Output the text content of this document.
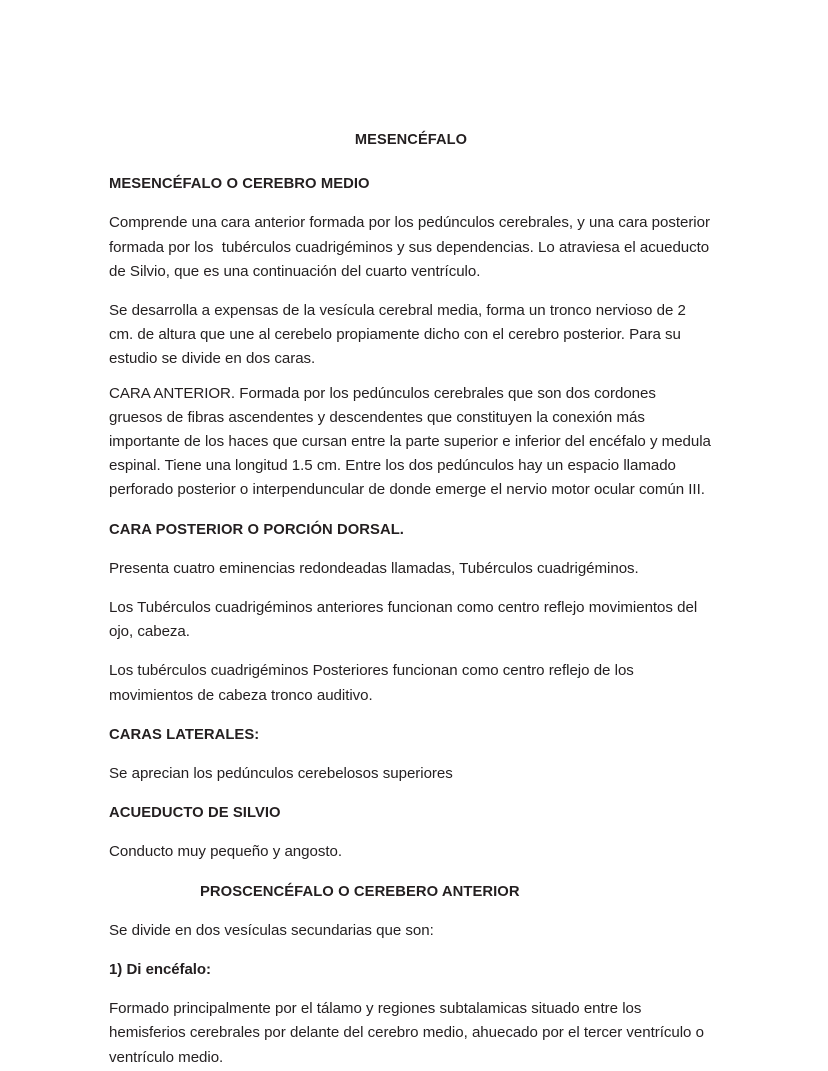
MESENCÉFALO

MESENCÉFALO O CEREBRO MEDIO

Comprende una cara anterior formada por los pedúnculos cerebrales, y una cara posterior formada por los  tubérculos cuadrigéminos y sus dependencias. Lo atraviesa el acueducto de Silvio, que es una continuación del cuarto ventrículo.

Se desarrolla a expensas de la vesícula cerebral media, forma un tronco nervioso de 2 cm. de altura que une al cerebelo propiamente dicho con el cerebro posterior. Para su estudio se divide en dos caras.

CARA ANTERIOR. Formada por los pedúnculos cerebrales que son dos cordones gruesos de fibras ascendentes y descendentes que constituyen la conexión más importante de los haces que cursan entre la parte superior e inferior del encéfalo y medula espinal. Tiene una longitud 1.5 cm. Entre los dos pedúnculos hay un espacio llamado perforado posterior o interpenduncular de donde emerge el nervio motor ocular común III.

CARA POSTERIOR O PORCIÓN DORSAL.

Presenta cuatro eminencias redondeadas llamadas, Tubérculos cuadrigéminos.

Los Tubérculos cuadrigéminos anteriores funcionan como centro reflejo movimientos del ojo, cabeza.

Los tubérculos cuadrigéminos Posteriores funcionan como centro reflejo de los movimientos de cabeza tronco auditivo.

CARAS LATERALES:

Se aprecian los pedúnculos cerebelosos superiores

ACUEDUCTO DE SILVIO

Conducto muy pequeño y angosto.

PROSCENCÉFALO O CEREBERO ANTERIOR

Se divide en dos vesículas secundarias que son:

1) Di encéfalo:

Formado principalmente por el tálamo y regiones subtalamicas situado entre los hemisferios cerebrales por delante del cerebro medio, ahuecado por el tercer ventrículo o ventrículo medio.
